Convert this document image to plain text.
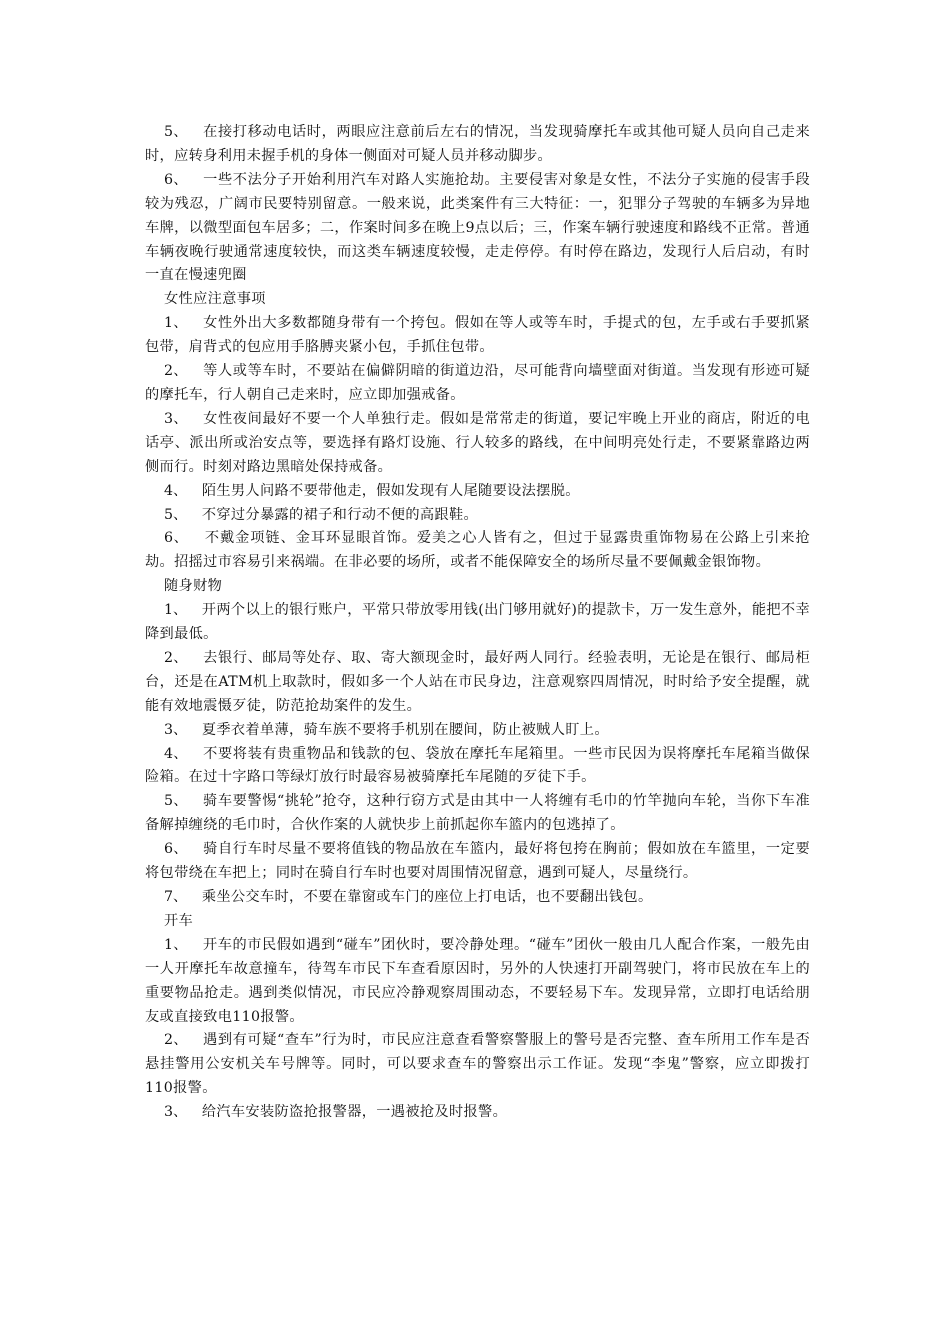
5、 在接打移动电话时，两眼应注意前后左右的情况，当发现骑摩托车或其他可疑人员向自己走来时，应转身利用未握手机的身体一侧面对可疑人员并移动脚步。

6、 一些不法分子开始利用汽车对路人实施抢劫。主要侵害对象是女性，不法分子实施的侵害手段较为残忍，广阔市民要特别留意。一般来说，此类案件有三大特征：一，犯罪分子驾驶的车辆多为异地车牌，以微型面包车居多；二，作案时间多在晚上9点以后；三，作案车辆行驶速度和路线不正常。普通车辆夜晚行驶通常速度较快，而这类车辆速度较慢，走走停停。有时停在路边，发现行人后启动，有时一直在慢速兜圈

女性应注意事项

1、 女性外出大多数都随身带有一个挎包。假如在等人或等车时，手提式的包，左手或右手要抓紧包带，肩背式的包应用手胳膊夹紧小包，手抓住包带。

2、 等人或等车时，不要站在偏僻阴暗的街道边沿，尽可能背向墙壁面对街道。当发现有形迹可疑的摩托车，行人朝自己走来时，应立即加强戒备。

3、 女性夜间最好不要一个人单独行走。假如是常常走的街道，要记牢晚上开业的商店，附近的电话亭、派出所或治安点等，要选择有路灯设施、行人较多的路线，在中间明亮处行走，不要紧靠路边两侧而行。时刻对路边黑暗处保持戒备。

4、 陌生男人问路不要带他走，假如发现有人尾随要设法摆脱。

5、 不穿过分暴露的裙子和行动不便的高跟鞋。

6、 不戴金项链、金耳环显眼首饰。爱美之心人皆有之，但过于显露贵重饰物易在公路上引来抢劫。招摇过市容易引来祸端。在非必要的场所，或者不能保障安全的场所尽量不要佩戴金银饰物。

随身财物

1、 开两个以上的银行账户，平常只带放零用钱(出门够用就好)的提款卡，万一发生意外，能把不幸降到最低。

2、 去银行、邮局等处存、取、寄大额现金时，最好两人同行。经验表明，无论是在银行、邮局柜台，还是在ATM机上取款时，假如多一个人站在市民身边，注意观察四周情况，时时给予安全提醒，就能有效地震慑歹徒，防范抢劫案件的发生。

3、 夏季衣着单薄，骑车族不要将手机别在腰间，防止被贼人盯上。

4、 不要将装有贵重物品和钱款的包、袋放在摩托车尾箱里。一些市民因为误将摩托车尾箱当做保险箱。在过十字路口等绿灯放行时最容易被骑摩托车尾随的歹徒下手。

5、 骑车要警惕“挑轮”抢夺，这种行窃方式是由其中一人将缠有毛巾的竹竿抛向车轮，当你下车准备解掉缠绕的毛巾时，合伙作案的人就快步上前抓起你车篮内的包逃掉了。

6、 骑自行车时尽量不要将值钱的物品放在车篮内，最好将包挎在胸前；假如放在车篮里，一定要将包带绕在车把上；同时在骑自行车时也要对周围情况留意，遇到可疑人，尽量绕行。

7、 乘坐公交车时，不要在靠窗或车门的座位上打电话，也不要翻出钱包。

开车

1、 开车的市民假如遇到“碰车”团伙时，要冷静处理。“碰车”团伙一般由几人配合作案，一般先由一人开摩托车故意撞车，待驾车市民下车查看原因时，另外的人快速打开副驾驶门，将市民放在车上的重要物品抢走。遇到类似情况，市民应冷静观察周围动态，不要轻易下车。发现异常，立即打电话给朋友或直接致电110报警。

2、 遇到有可疑“查车”行为时，市民应注意查看警察警服上的警号是否完整、查车所用工作车是否悬挂警用公安机关车号牌等。同时，可以要求查车的警察出示工作证。发现“李鬼”警察，应立即拨打110报警。

3、 给汽车安装防盗抢报警器，一遇被抢及时报警。
